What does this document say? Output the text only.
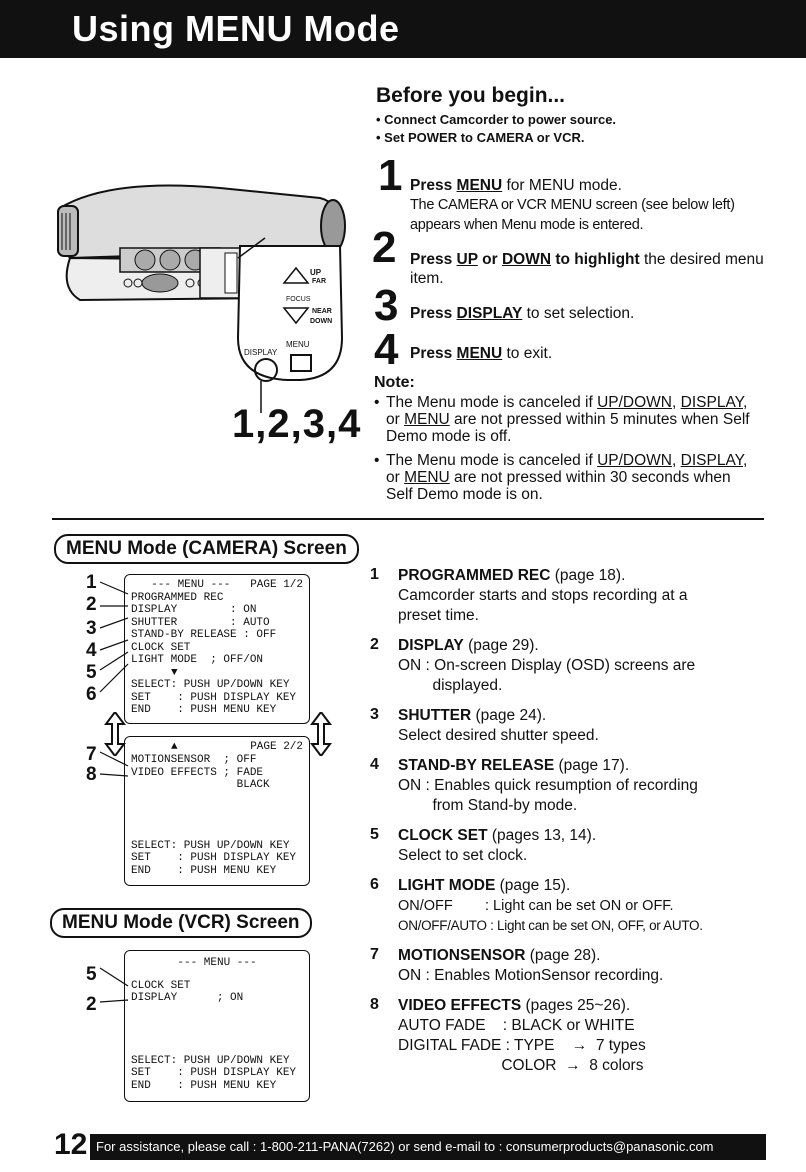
Using MENU Mode
UP
FAR
FOCUS
NEAR
DOWN
DISPLAY
MENU
1,2,3,4
Before you begin...
• Connect Camcorder to power source.
• Set POWER to CAMERA or VCR.
1 Press MENU for MENU mode.
The CAMERA or VCR MENU screen (see below left) appears when Menu mode is entered.
2 Press UP or DOWN to highlight the desired menu item.
3 Press DISPLAY to set selection.
4 Press MENU to exit.
Note:
• The Menu mode is canceled if UP/DOWN, DISPLAY, or MENU are not pressed within 5 minutes when Self Demo mode is off.
• The Menu mode is canceled if UP/DOWN, DISPLAY, or MENU are not pressed within 30 seconds when Self Demo mode is on.
MENU Mode (CAMERA) Screen
--- MENU ---   PAGE 1/2
PROGRAMMED REC
DISPLAY        : ON
SHUTTER        : AUTO
STAND-BY RELEASE : OFF
CLOCK SET
LIGHT MODE  ; OFF/ON
▼
SELECT: PUSH UP/DOWN KEY
SET    : PUSH DISPLAY KEY
END    : PUSH MENU KEY
▲	PAGE 2/2
MOTIONSENSOR  ; OFF
VIDEO EFFECTS ; FADE
BLACK
SELECT: PUSH UP/DOWN KEY
SET    : PUSH DISPLAY KEY
END    : PUSH MENU KEY
1
2
3
4
5
6
7
8
MENU Mode (VCR) Screen
--- MENU ---
CLOCK SET
DISPLAY      ; ON
SELECT: PUSH UP/DOWN KEY
SET    : PUSH DISPLAY KEY
END    : PUSH MENU KEY
5
2
1 PROGRAMMED REC (page 18).
Camcorder starts and stops recording at a
preset time.
2 DISPLAY (page 29).
ON : On-screen Display (OSD) screens are
displayed.
3 SHUTTER (page 24).
Select desired shutter speed.
4 STAND-BY RELEASE (page 17).
ON : Enables quick resumption of recording
from Stand-by mode.
5 CLOCK SET (pages 13, 14).
Select to set clock.
6 LIGHT MODE (page 15).
ON/OFF        : Light can be set ON or OFF.
ON/OFF/AUTO : Light can be set ON, OFF, or AUTO.
7 MOTIONSENSOR (page 28).
ON : Enables MotionSensor recording.
8 VIDEO EFFECTS (pages 25~26).
AUTO FADE    : BLACK or WHITE
DIGITAL FADE : TYPE    →  7 types
COLOR  →  8 colors
12 For assistance, please call : 1-800-211-PANA(7262) or send e-mail to : consumerproducts@panasonic.com
